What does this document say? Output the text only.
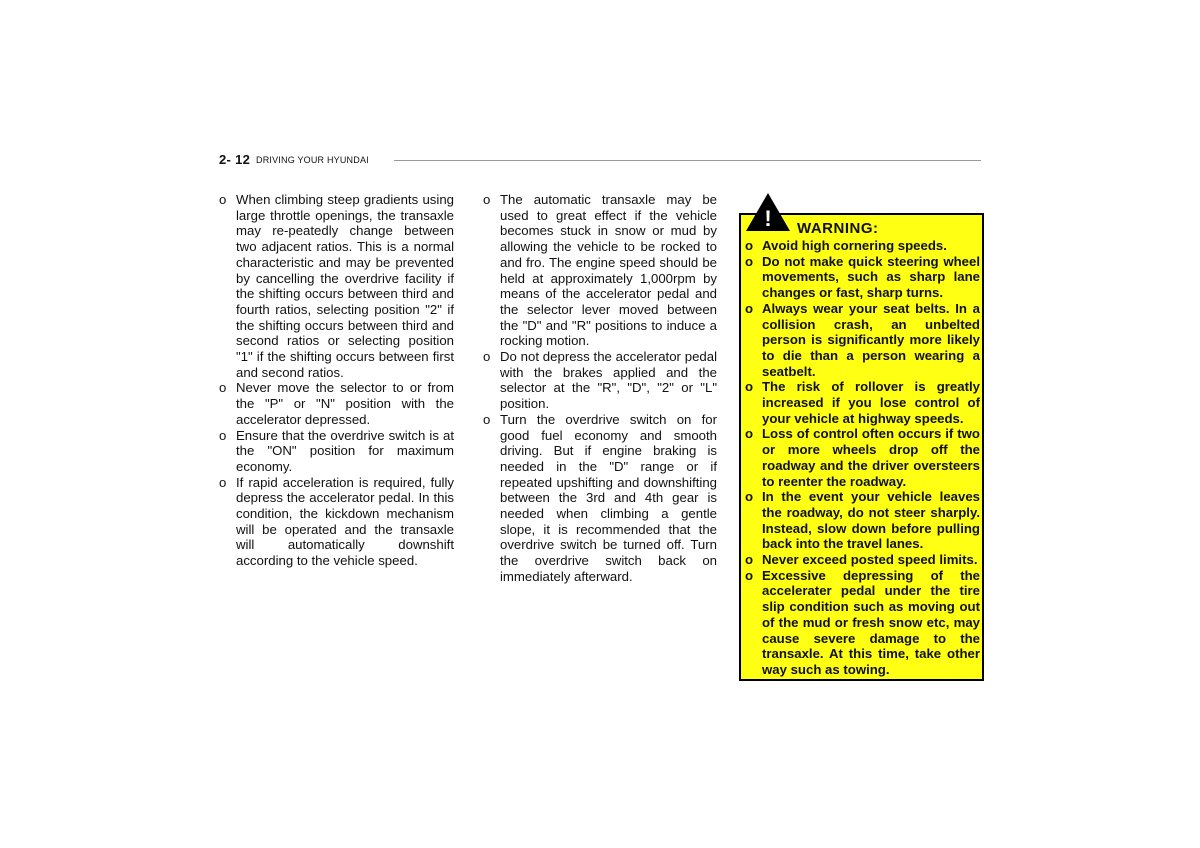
2- 12 DRIVING YOUR HYUNDAI
o When climbing steep gradients using large throttle openings, the transaxle may re-peatedly change between two adjacent ratios. This is a normal characteristic and may be prevented by cancelling the overdrive facility if the shifting occurs between third and fourth ratios, selecting position "2" if the shifting occurs between third and second ratios or selecting position "1" if the shifting occurs between first and second ratios.
o Never move the selector to or from the "P" or "N" position with the accelerator depressed.
o Ensure that the overdrive switch is at the "ON" position for maximum economy.
o If rapid acceleration is required, fully depress the accelerator pedal. In this condition, the kickdown mechanism will be operated and the transaxle will automatically downshift according to the vehicle speed.
o The automatic transaxle may be used to great effect if the vehicle becomes stuck in snow or mud by allowing the vehicle to be rocked to and fro. The engine speed should be held at approximately 1,000rpm by means of the accelerator pedal and the selector lever moved between the "D" and "R" positions to induce a rocking motion.
o Do not depress the accelerator pedal with the brakes applied and the selector at the "R", "D", "2" or "L" position.
o Turn the overdrive switch on for good fuel economy and smooth driving. But if engine braking is needed in the "D" range or if repeated upshifting and downshifting between the 3rd and 4th gear is needed when climbing a gentle slope, it is recommended that the overdrive switch be turned off. Turn the overdrive switch back on immediately afterward.
! WARNING:
o Avoid high cornering speeds.
o Do not make quick steering wheel movements, such as sharp lane changes or fast, sharp turns.
o Always wear your seat belts. In a collision crash, an unbelted person is significantly more likely to die than a person wearing a seatbelt.
o The risk of rollover is greatly increased if you lose control of your vehicle at highway speeds.
o Loss of control often occurs if two or more wheels drop off the roadway and the driver oversteers to reenter the roadway.
o In the event your vehicle leaves the roadway, do not steer sharply. Instead, slow down before pulling back into the travel lanes.
o Never exceed posted speed limits.
o Excessive depressing of the accelerater pedal under the tire slip condition such as moving out of the mud or fresh snow etc, may cause severe damage to the transaxle. At this time, take other way such as towing.
